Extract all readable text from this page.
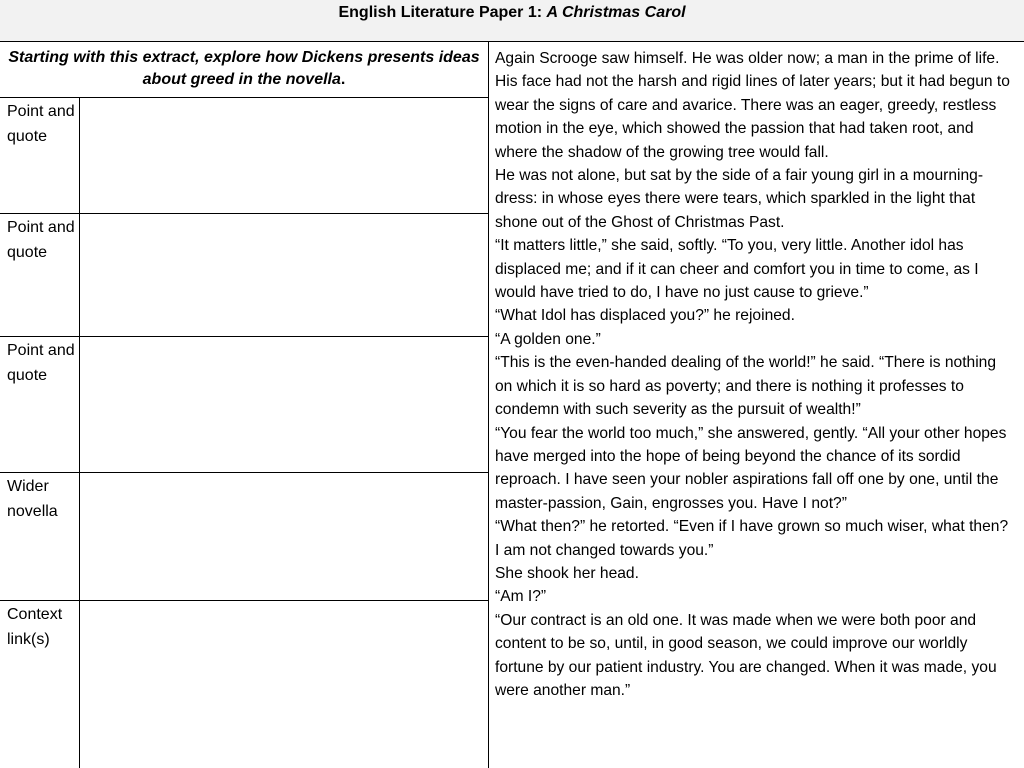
English Literature Paper 1: A Christmas Carol
Starting with this extract, explore how Dickens presents ideas about greed in the novella.
Point and quote
Point and quote
Point and quote
Wider novella
Context link(s)

Again Scrooge saw himself. He was older now; a man in the prime of life. His face had not the harsh and rigid lines of later years; but it had begun to wear the signs of care and avarice. There was an eager, greedy, restless motion in the eye, which showed the passion that had taken root, and where the shadow of the growing tree would fall.

He was not alone, but sat by the side of a fair young girl in a mourning-dress: in whose eyes there were tears, which sparkled in the light that shone out of the Ghost of Christmas Past.

“It matters little,” she said, softly. “To you, very little. Another idol has displaced me; and if it can cheer and comfort you in time to come, as I would have tried to do, I have no just cause to grieve.”

“What Idol has displaced you?” he rejoined.

“A golden one.”

“This is the even-handed dealing of the world!” he said. “There is nothing on which it is so hard as poverty; and there is nothing it professes to condemn with such severity as the pursuit of wealth!”

“You fear the world too much,” she answered, gently. “All your other hopes have merged into the hope of being beyond the chance of its sordid reproach. I have seen your nobler aspirations fall off one by one, until the master-passion, Gain, engrosses you. Have I not?”

“What then?” he retorted. “Even if I have grown so much wiser, what then? I am not changed towards you.”

She shook her head.

“Am I?”

“Our contract is an old one. It was made when we were both poor and content to be so, until, in good season, we could improve our worldly fortune by our patient industry. You are changed. When it was made, you were another man.”
